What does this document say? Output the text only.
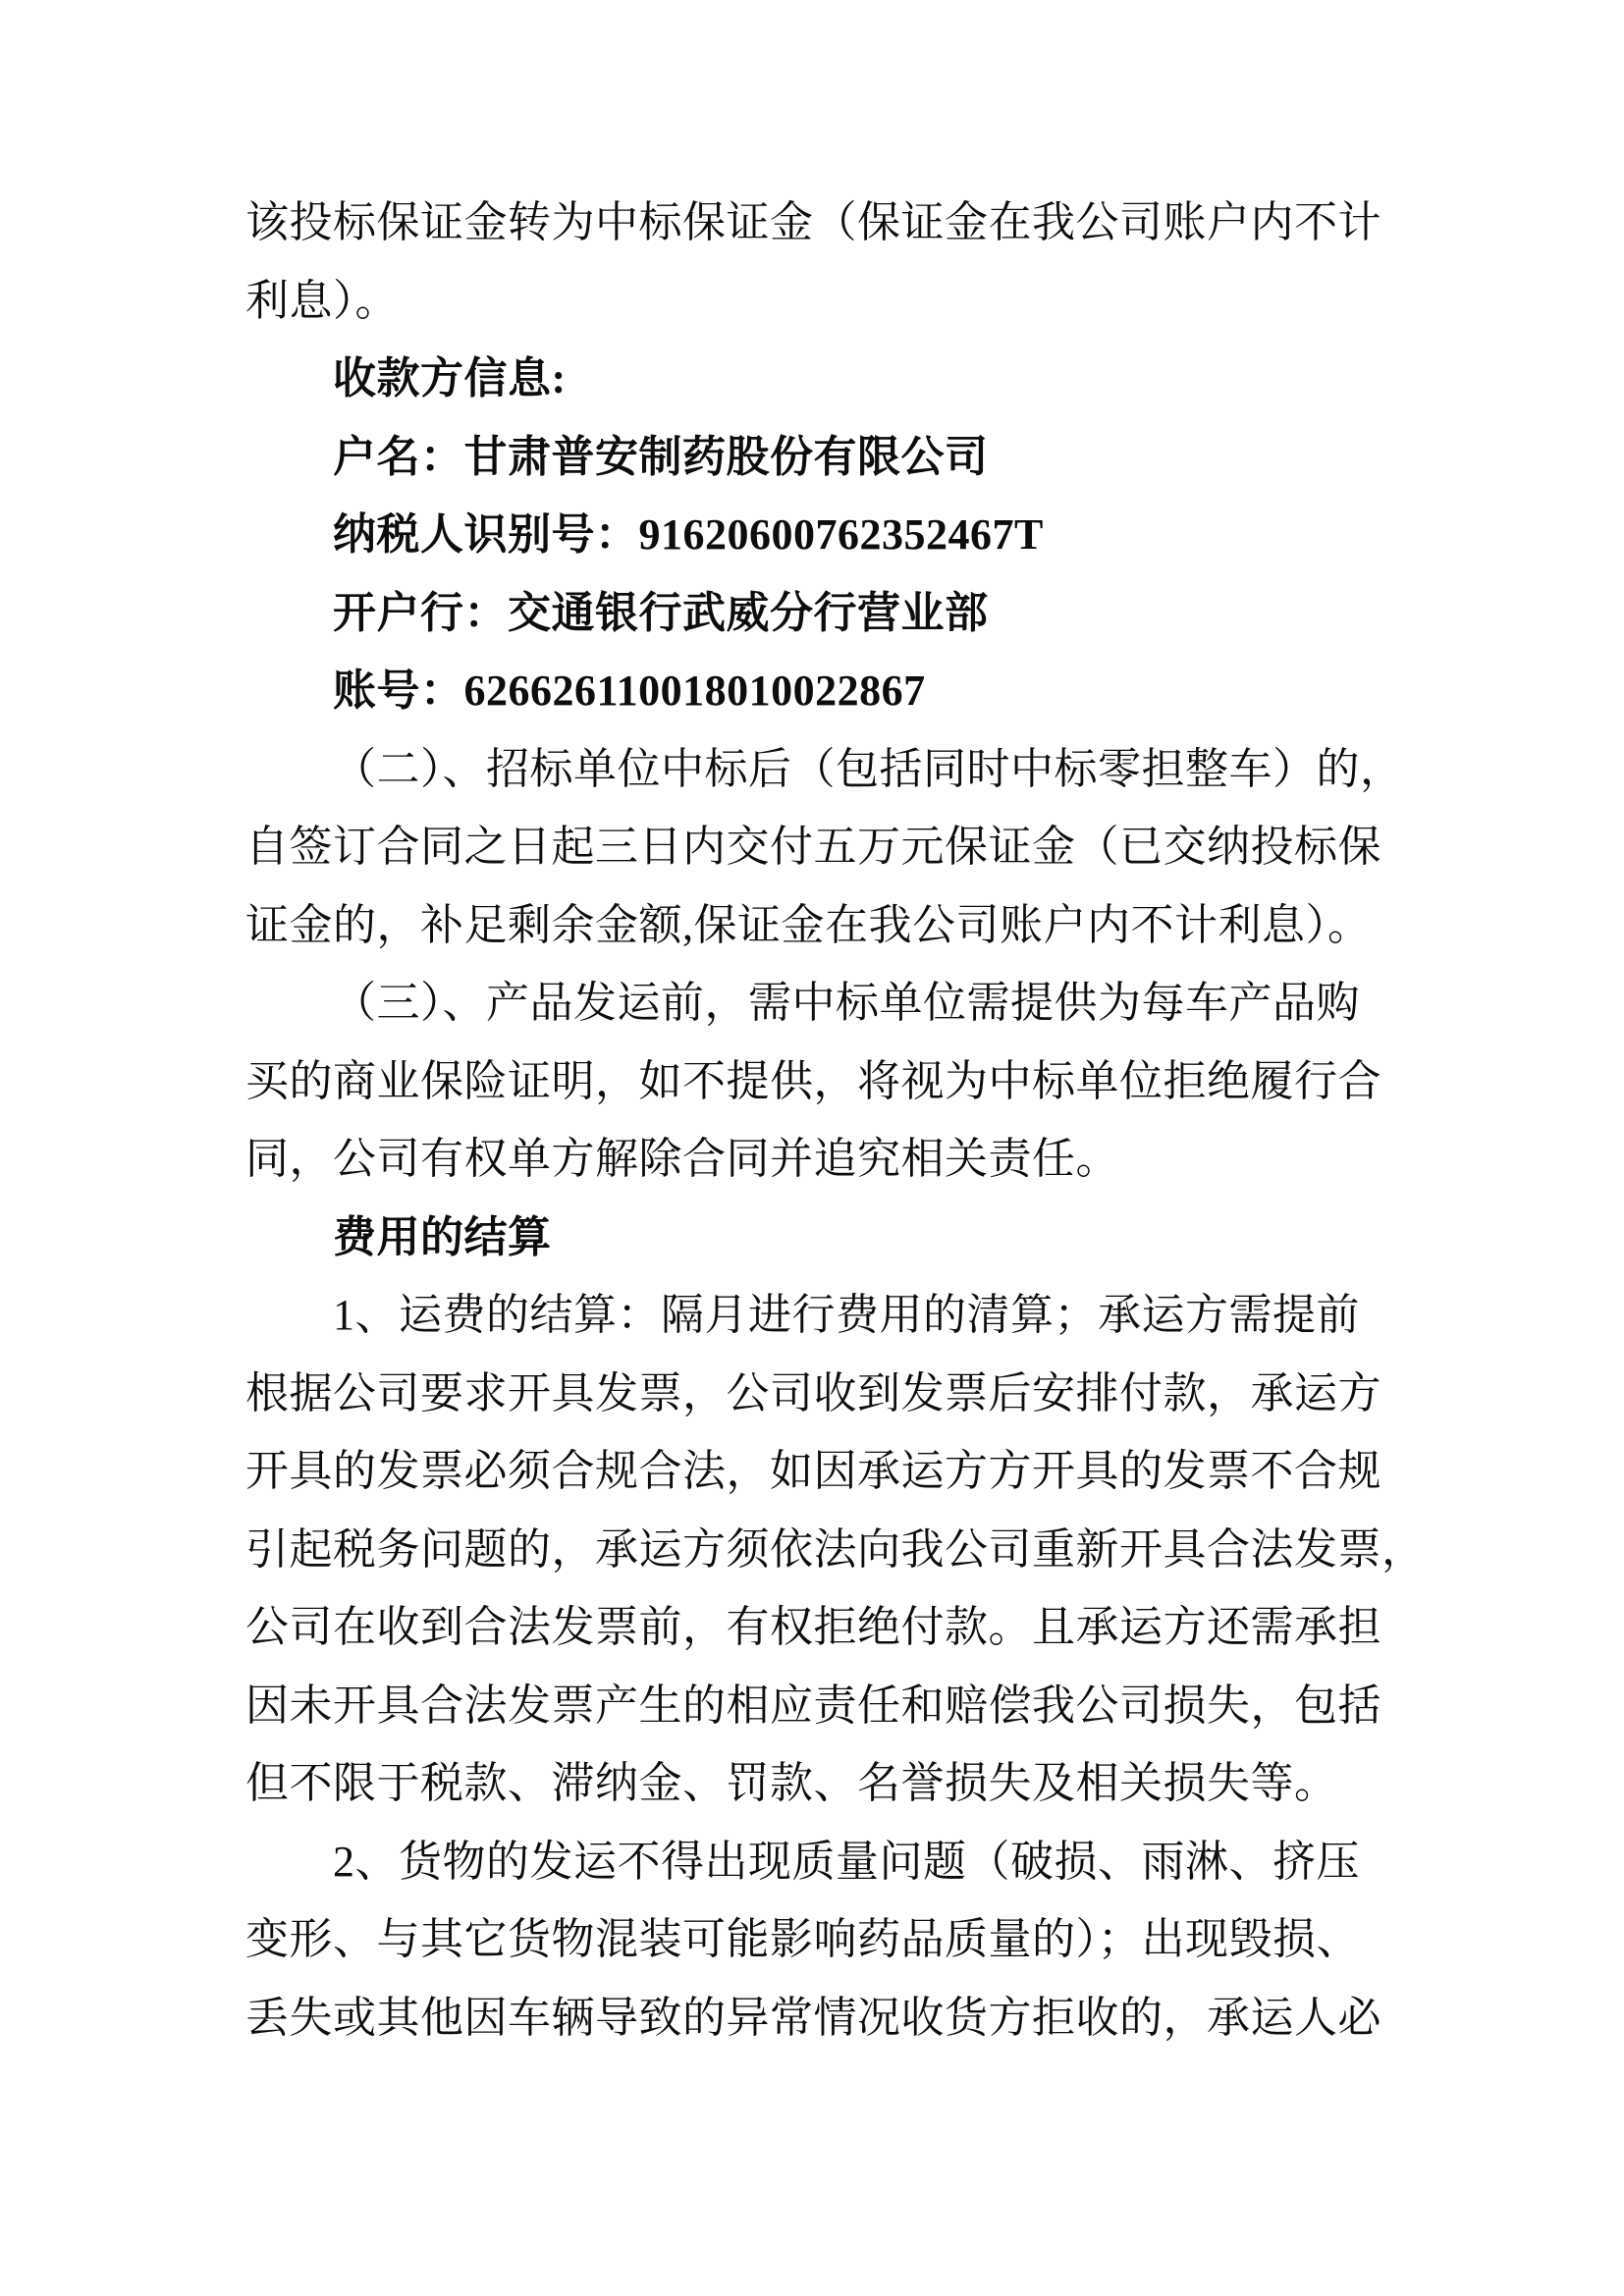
该投标保证金转为中标保证金（保证金在我公司账户内不计
利息）。
收款方信息:
户名：甘肃普安制药股份有限公司
纳税人识别号：91620600762352467T
开户行：交通银行武威分行营业部
账号：626626110018010022867
（二）、招标单位中标后（包括同时中标零担整车）的，
自签订合同之日起三日内交付五万元保证金（已交纳投标保
证金的，补足剩余金额,保证金在我公司账户内不计利息）。
（三）、产品发运前，需中标单位需提供为每车产品购
买的商业保险证明，如不提供，将视为中标单位拒绝履行合
同，公司有权单方解除合同并追究相关责任。
费用的结算
1、运费的结算：隔月进行费用的清算；承运方需提前
根据公司要求开具发票，公司收到发票后安排付款，承运方
开具的发票必须合规合法，如因承运方方开具的发票不合规
引起税务问题的，承运方须依法向我公司重新开具合法发票，
公司在收到合法发票前，有权拒绝付款。且承运方还需承担
因未开具合法发票产生的相应责任和赔偿我公司损失，包括
但不限于税款、滞纳金、罚款、名誉损失及相关损失等。
2、货物的发运不得出现质量问题（破损、雨淋、挤压
变形、与其它货物混装可能影响药品质量的）；出现毁损、
丢失或其他因车辆导致的异常情况收货方拒收的，承运人必
